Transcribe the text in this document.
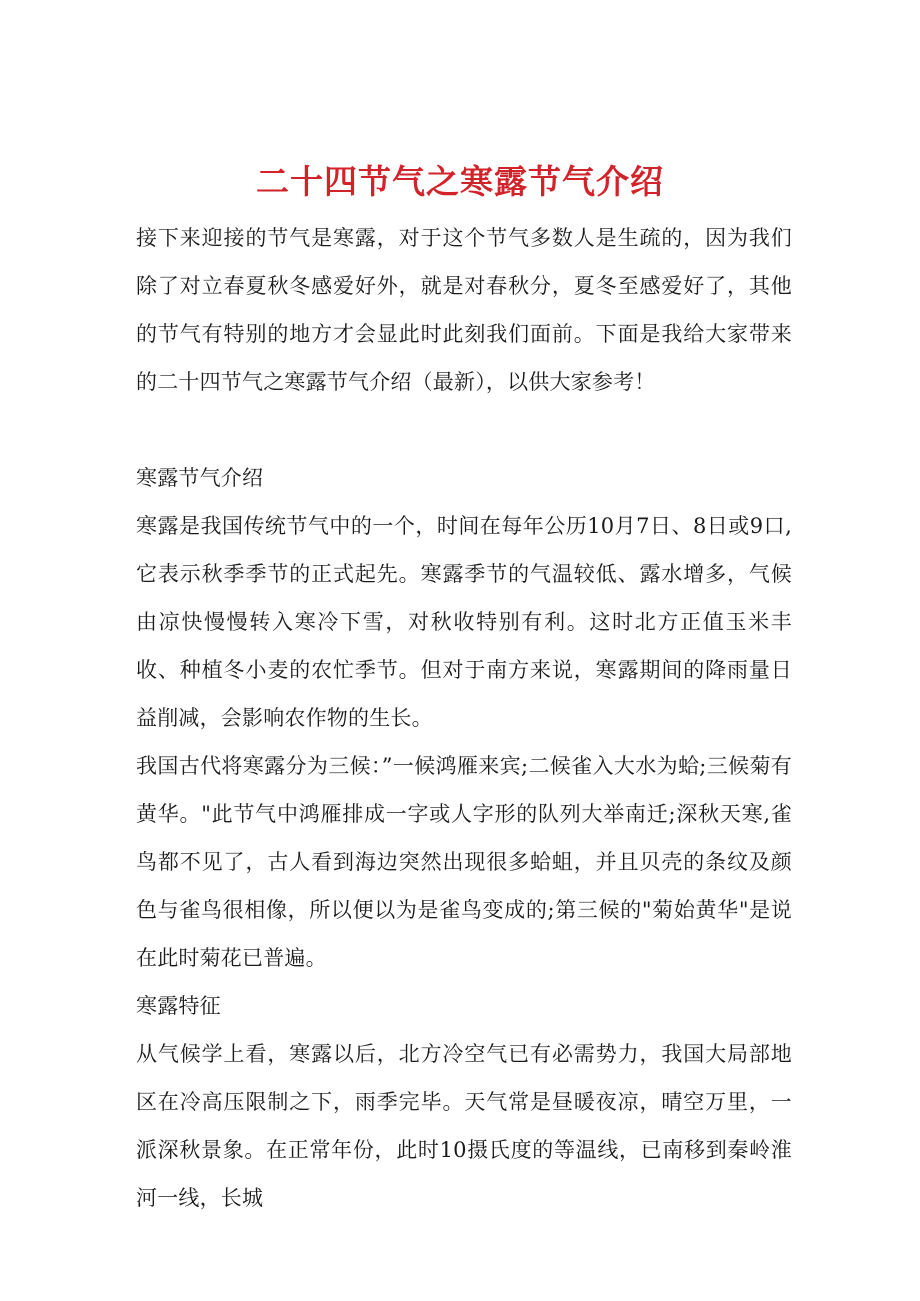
二十四节气之寒露节气介绍

接下来迎接的节气是寒露，对于这个节气多数人是生疏的，因为我们除了对立春夏秋冬感爱好外，就是对春秋分，夏冬至感爱好了，其他的节气有特别的地方才会显此时此刻我们面前。下面是我给大家带来的二十四节气之寒露节气介绍（最新），以供大家参考！

寒露节气介绍

寒露是我国传统节气中的一个，时间在每年公历10月7日、8日或9口,它表示秋季季节的正式起先。寒露季节的气温较低、露水增多，气候由凉快慢慢转入寒冷下雪，对秋收特别有利。这时北方正值玉米丰收、种植冬小麦的农忙季节。但对于南方来说，寒露期间的降雨量日益削减，会影响农作物的生长。

我国古代将寒露分为三候：”一候鸿雁来宾;二候雀入大水为蛤;三候菊有黄华。"此节气中鸿雁排成一字或人字形的队列大举南迁;深秋天寒,雀鸟都不见了，古人看到海边突然出现很多蛤蛆，并且贝壳的条纹及颜色与雀鸟很相像，所以便以为是雀鸟变成的;第三候的"菊始黄华"是说在此时菊花已普遍。

寒露特征

从气候学上看，寒露以后，北方冷空气已有必需势力，我国大局部地区在冷高压限制之下，雨季完毕。天气常是昼暖夜凉，晴空万里，一派深秋景象。在正常年份，此时10摄氏度的等温线，已南移到秦岭淮河一线，长城
